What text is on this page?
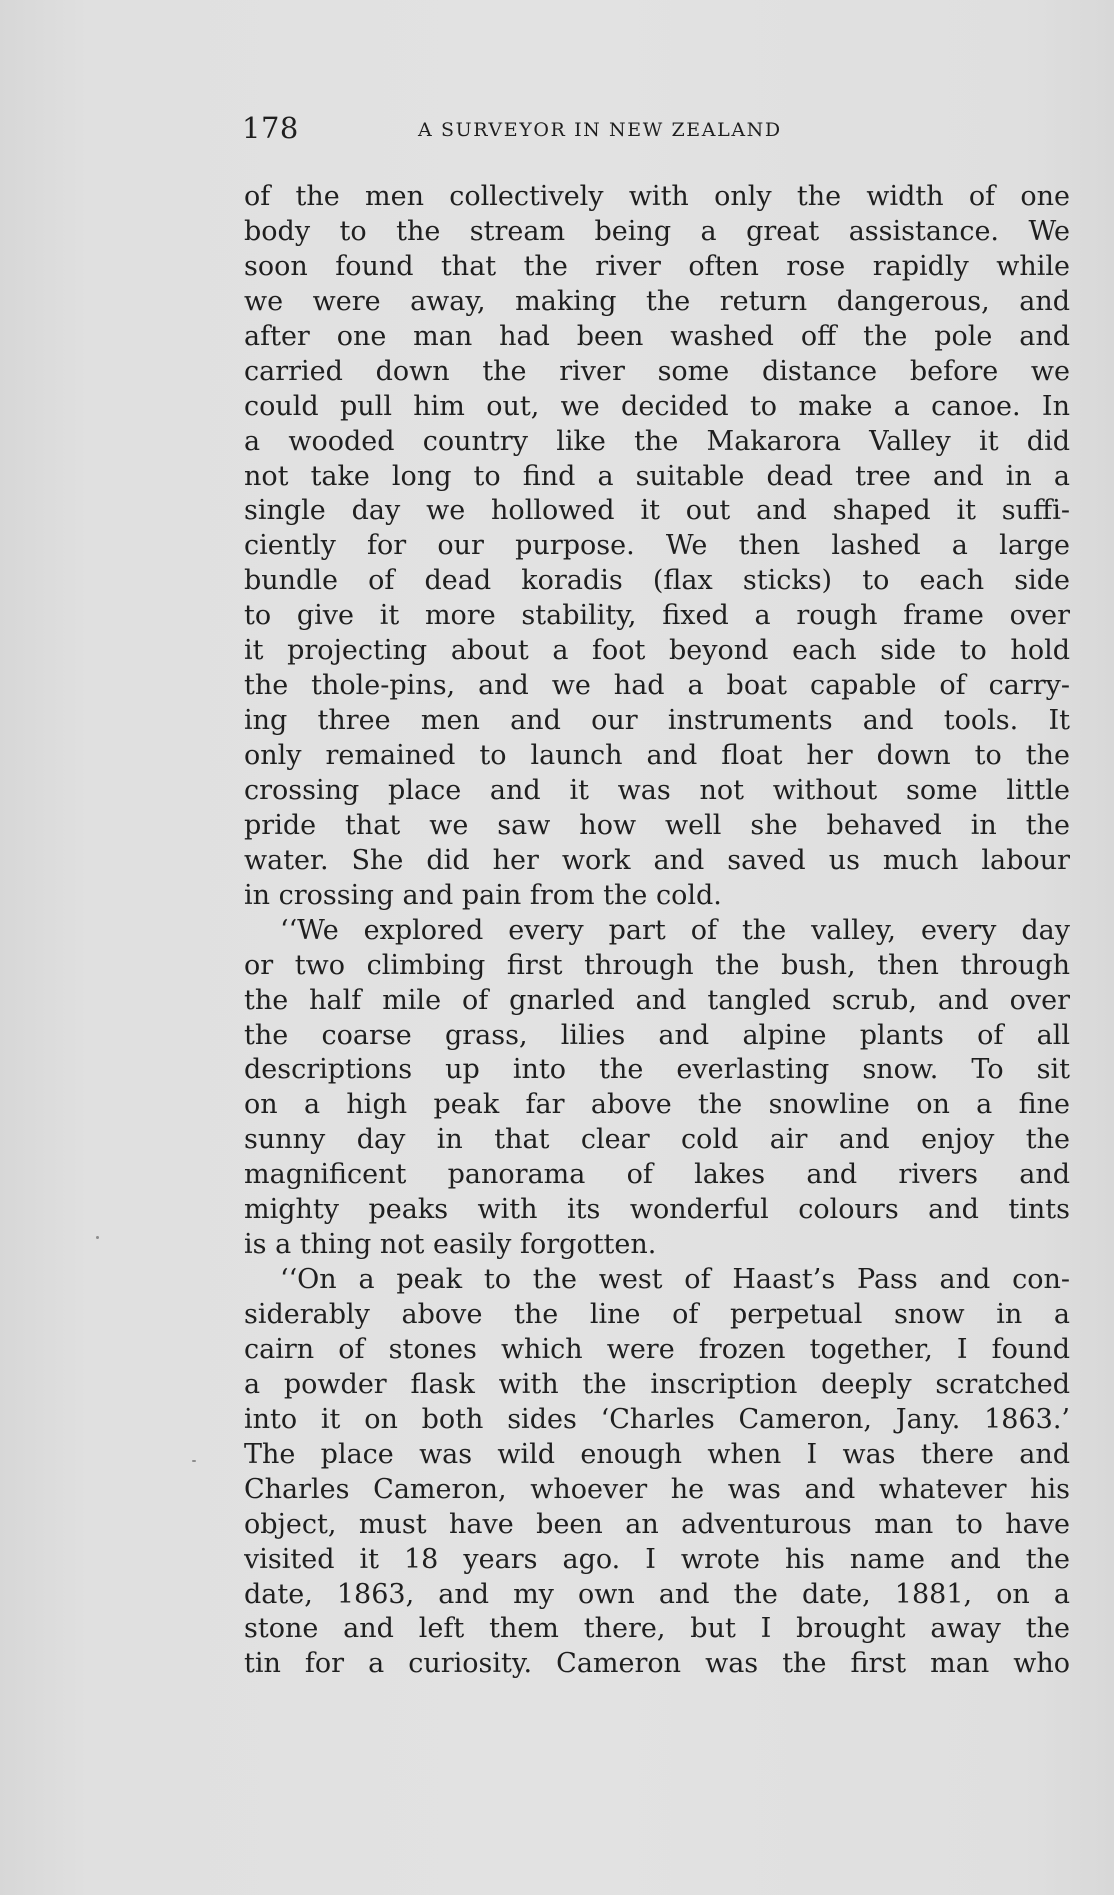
178	A SURVEYOR IN NEW ZEALAND
of the men collectively with only the width of one
body to the stream being a great assistance. We
soon found that the river often rose rapidly while
we were away, making the return dangerous, and
after one man had been washed off the pole and
carried down the river some distance before we
could pull him out, we decided to make a canoe. In
a wooded country like the Makarora Valley it did
not take long to find a suitable dead tree and in a
single day we hollowed it out and shaped it suffi-
ciently for our purpose. We then lashed a large
bundle of dead koradis (flax sticks) to each side
to give it more stability, fixed a rough frame over
it projecting about a foot beyond each side to hold
the thole-pins, and we had a boat capable of carry-
ing three men and our instruments and tools. It
only remained to launch and float her down to the
crossing place and it was not without some little
pride that we saw how well she behaved in the
water. She did her work and saved us much labour
in crossing and pain from the cold.
‘‘We explored every part of the valley, every day
or two climbing first through the bush, then through
the half mile of gnarled and tangled scrub, and over
the coarse grass, lilies and alpine plants of all
descriptions up into the everlasting snow. To sit
on a high peak far above the snowline on a fine
sunny day in that clear cold air and enjoy the
magnificent panorama of lakes and rivers and
mighty peaks with its wonderful colours and tints
is a thing not easily forgotten.
‘‘On a peak to the west of Haast’s Pass and con-
siderably above the line of perpetual snow in a
cairn of stones which were frozen together, I found
a powder flask with the inscription deeply scratched
into it on both sides ‘Charles Cameron, Jany. 1863.’
The place was wild enough when I was there and
Charles Cameron, whoever he was and whatever his
object, must have been an adventurous man to have
visited it 18 years ago. I wrote his name and the
date, 1863, and my own and the date, 1881, on a
stone and left them there, but I brought away the
tin for a curiosity. Cameron was the first man who
